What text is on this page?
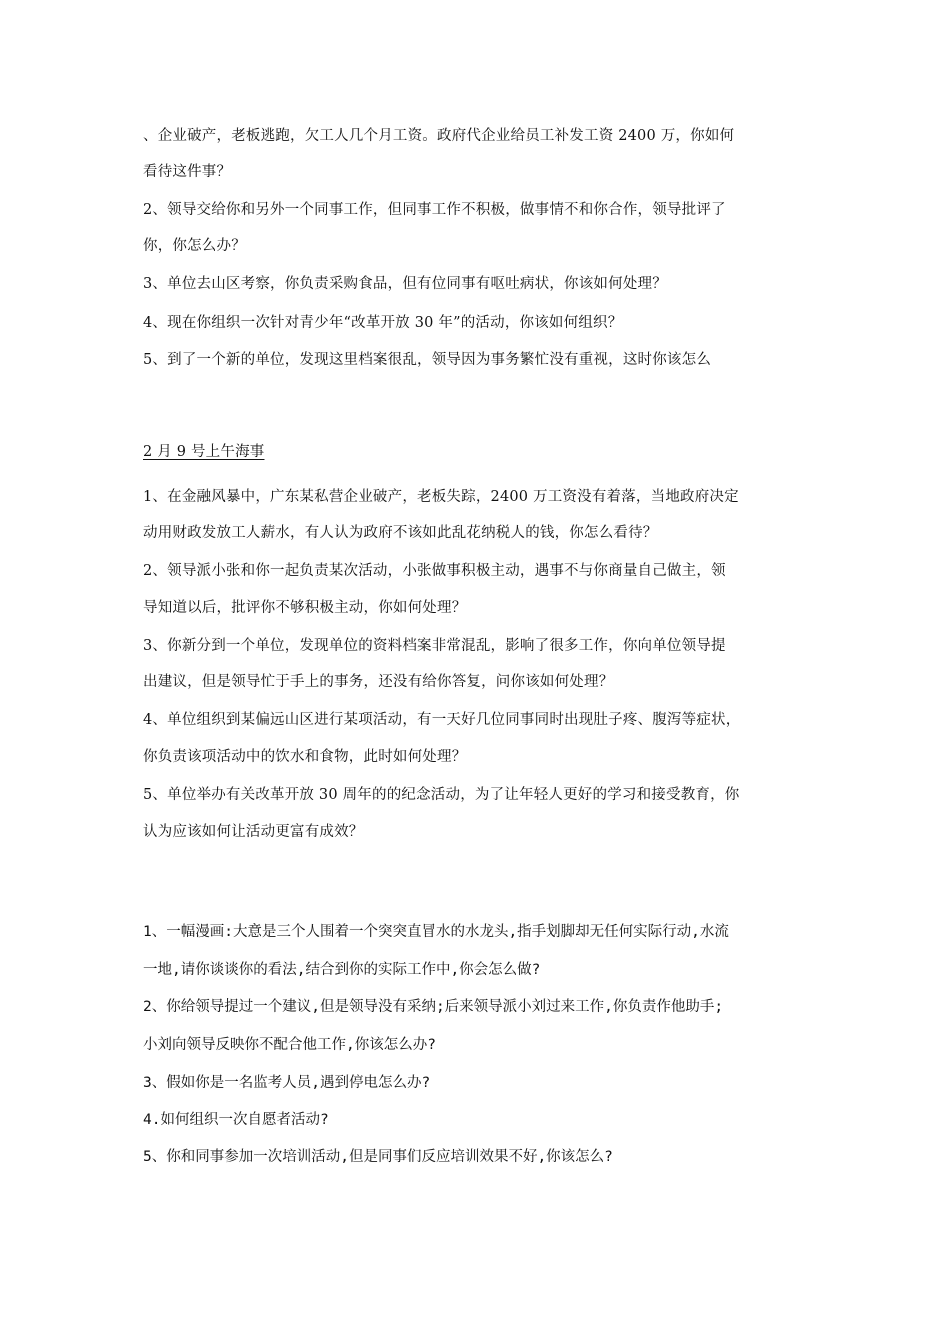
、企业破产，老板逃跑，欠工人几个月工资。政府代企业给员工补发工资 2400 万，你如何
看待这件事？
2、领导交给你和另外一个同事工作，但同事工作不积极，做事情不和你合作，领导批评了
你，你怎么办？
3、单位去山区考察，你负责采购食品，但有位同事有呕吐病状，你该如何处理？
4、现在你组织一次针对青少年“改革开放 30 年”的活动，你该如何组织？
5、到了一个新的单位，发现这里档案很乱，领导因为事务繁忙没有重视，这时你该怎么
2 月 9 号上午海事
1、在金融风暴中，广东某私营企业破产，老板失踪，2400 万工资没有着落，当地政府决定
动用财政发放工人薪水，有人认为政府不该如此乱花纳税人的钱，你怎么看待？
2、领导派小张和你一起负责某次活动，小张做事积极主动，遇事不与你商量自己做主，领
导知道以后，批评你不够积极主动，你如何处理？
3、你新分到一个单位，发现单位的资料档案非常混乱，影响了很多工作，你向单位领导提
出建议，但是领导忙于手上的事务，还没有给你答复，问你该如何处理？
4、单位组织到某偏远山区进行某项活动，有一天好几位同事同时出现肚子疼、腹泻等症状，
你负责该项活动中的饮水和食物，此时如何处理？
5、单位举办有关改革开放 30 周年的的纪念活动，为了让年轻人更好的学习和接受教育，你
认为应该如何让活动更富有成效？
1、一幅漫画:大意是三个人围着一个突突直冒水的水龙头,指手划脚却无任何实际行动,水流
一地,请你谈谈你的看法,结合到你的实际工作中,你会怎么做?
2、你给领导提过一个建议,但是领导没有采纳;后来领导派小刘过来工作,你负责作他助手;
小刘向领导反映你不配合他工作,你该怎么办?
3、假如你是一名监考人员,遇到停电怎么办?
4.如何组织一次自愿者活动?
5、你和同事参加一次培训活动,但是同事们反应培训效果不好,你该怎么?
